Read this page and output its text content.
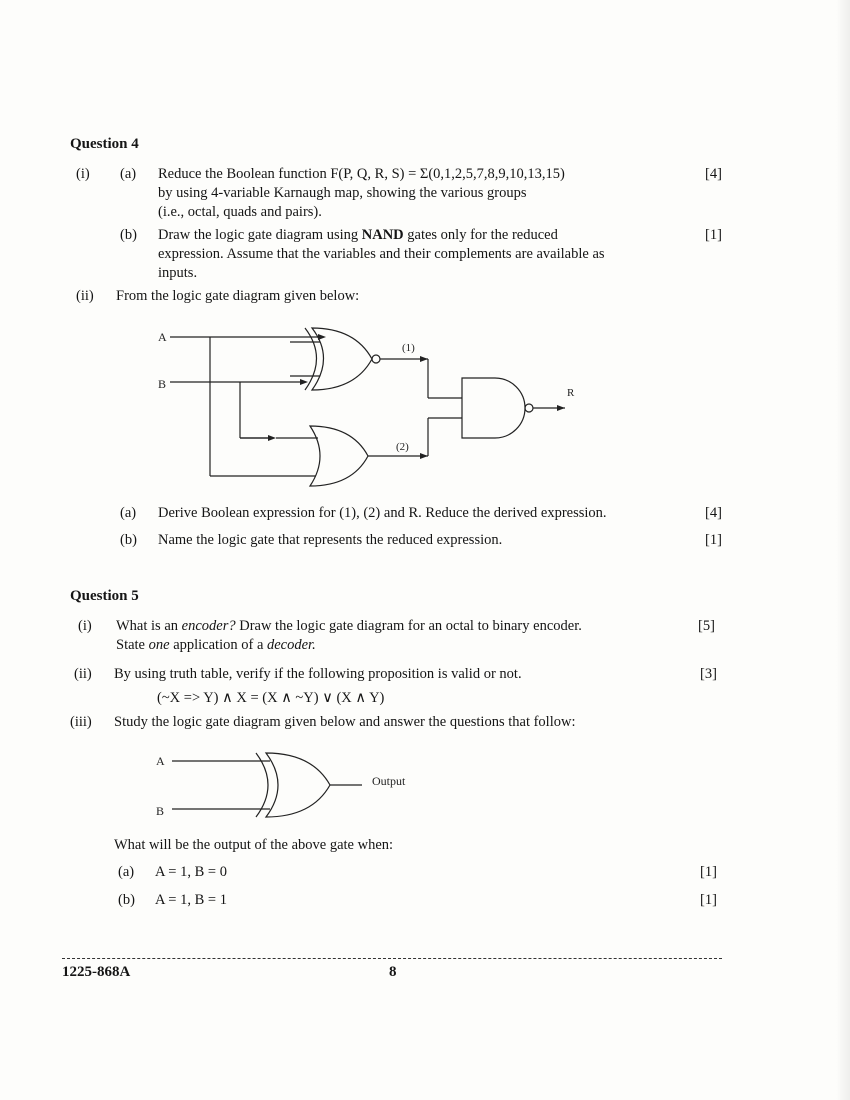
Question 4
(i) (a) Reduce the Boolean function F(P, Q, R, S) = Σ(0,1,2,5,7,8,9,10,13,15)
by using 4-variable Karnaugh map, showing the various groups
(i.e., octal, quads and pairs).
[4]
(b) Draw the logic gate diagram using NAND gates only for the reduced
expression. Assume that the variables and their complements are available as
inputs.
[1]
(ii) From the logic gate diagram given below:
A
B
(1)
(2)
R
(a) Derive Boolean expression for (1), (2) and R. Reduce the derived expression.	[4]
(b) Name the logic gate that represents the reduced expression.	[1]
Question 5
(i) What is an encoder? Draw the logic gate diagram for an octal to binary encoder.
State one application of a decoder.
[5]
(ii) By using truth table, verify if the following proposition is valid or not.	[3]
(~X => Y) ∧ X = (X ∧ ~Y) ∨ (X ∧ Y)
(iii) Study the logic gate diagram given below and answer the questions that follow:
A
B
Output
What will be the output of the above gate when:
(a) A = 1, B = 0	[1]
(b) A = 1, B = 1	[1]
1225-868A	8
